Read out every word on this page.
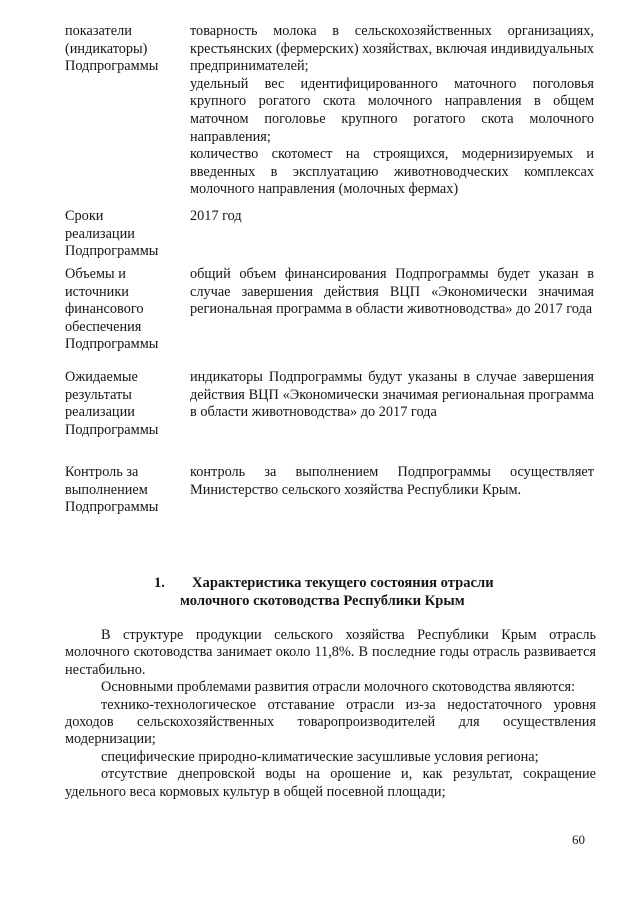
показатели
(индикаторы)
Подпрограммы

товарность молока в сельскохозяйственных организациях, крестьянских (фермерских) хозяйствах, включая индивидуальных предпринимателей;

удельный вес идентифицированного маточного поголовья крупного рогатого скота молочного направления в общем маточном поголовье крупного рогатого скота молочного направления;

количество скотомест на строящихся, модернизируемых и введенных в эксплуатацию животноводческих комплексах молочного направления (молочных фермах)

Сроки
реализации
Подпрограммы

2017 год

Объемы и
источники
финансового
обеспечения
Подпрограммы

общий объем финансирования Подпрограммы будет указан в случае завершения действия ВЦП «Экономически значимая региональная программа в области животноводства» до 2017 года

Ожидаемые
результаты
реализации
Подпрограммы

индикаторы Подпрограммы будут указаны в случае завершения действия ВЦП «Экономически значимая региональная программа в области животноводства» до 2017 года

Контроль за
выполнением
Подпрограммы

контроль за выполнением Подпрограммы осуществляет Министерство сельского хозяйства Республики Крым.

1. Характеристика текущего состояния отрасли
молочного скотоводства Республики Крым

В структуре продукции сельского хозяйства Республики Крым отрасль молочного скотоводства занимает около 11,8%. В последние годы отрасль развивается нестабильно.

Основными проблемами развития отрасли молочного скотоводства являются:

технико-технологическое отставание отрасли из-за недостаточного уровня доходов сельскохозяйственных товаропроизводителей для осуществления модернизации;

специфические природно-климатические засушливые условия региона;

отсутствие днепровской воды на орошение и, как результат, сокращение удельного веса кормовых культур в общей посевной площади;

60
